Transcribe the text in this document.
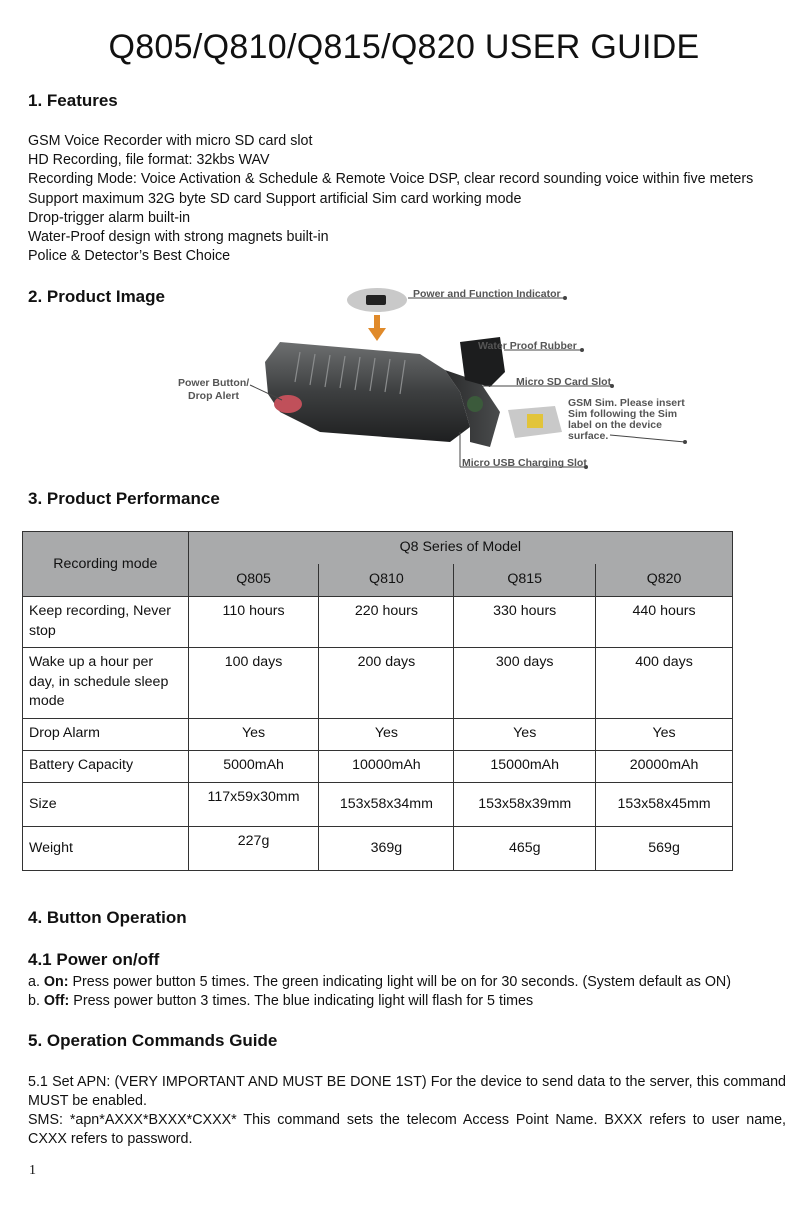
Q805/Q810/Q815/Q820 USER GUIDE
1. Features
GSM Voice Recorder with micro SD card slot
HD Recording, file format: 32kbs WAV
Recording Mode: Voice Activation & Schedule & Remote Voice DSP, clear record sounding voice within five meters
Support maximum 32G byte SD card Support artificial Sim card working mode
Drop-trigger alarm built-in
Water-Proof design with strong magnets built-in
Police & Detector’s Best Choice
2. Product Image	Power and Function Indicator
Power Button/
Drop Alert
Water Proof Rubber
Micro SD Card Slot
GSM Sim. Please insert
Sim following the Sim
label on the device
surface.
Micro USB Charging Slot
3. Product Performance
Recording mode	Q8 Series of Model			
	Q805	Q810	Q815	Q820
Keep recording, Never stop	110 hours	220 hours	330 hours	440 hours
Wake up a hour per day, in schedule sleep mode	100 days	200 days	300 days	400 days
Drop Alarm	Yes	Yes	Yes	Yes
Battery Capacity	5000mAh	10000mAh	15000mAh	20000mAh
Size	117x59x30mm	153x58x34mm	153x58x39mm	153x58x45mm
Weight	227g	369g	465g	569g
4. Button Operation
4.1 Power on/off
a. On: Press power button 5 times. The green indicating light will be on for 30 seconds. (System default as ON)
b. Off: Press power button 3 times. The blue indicating light will flash for 5 times
5. Operation Commands Guide
5.1 Set APN: (VERY IMPORTANT AND MUST BE DONE 1ST) For the device to send data to the server, this command MUST be enabled.
SMS: *apn*AXXX*BXXX*CXXX* This command sets the telecom Access Point Name. BXXX refers to user name, CXXX refers to password.
1
